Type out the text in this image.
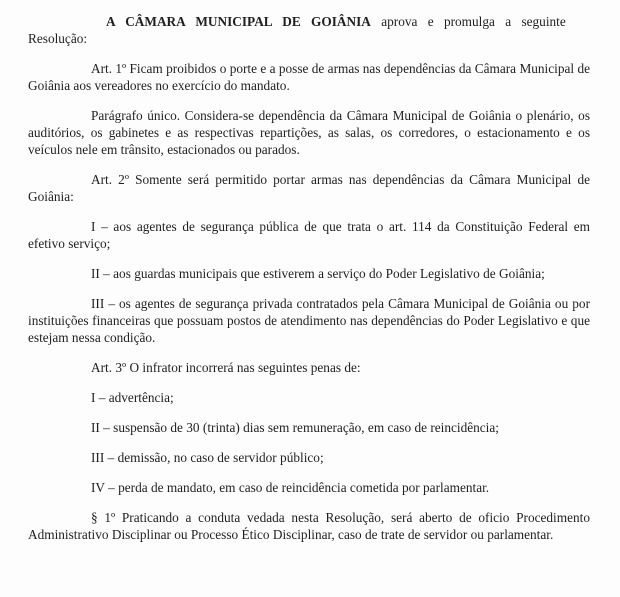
A CÂMARA MUNICIPAL DE GOIÂNIA aprova e promulga a seguinte
Resolução:

Art. 1º Ficam proibidos o porte e a posse de armas nas dependências da Câmara Municipal de Goiânia aos vereadores no exercício do mandato.

Parágrafo único. Considera-se dependência da Câmara Municipal de Goiânia o plenário, os auditórios, os gabinetes e as respectivas repartições, as salas, os corredores, o estacionamento e os veículos nele em trânsito, estacionados ou parados.

Art. 2º Somente será permitido portar armas nas dependências da Câmara Municipal de Goiânia:

I – aos agentes de segurança pública de que trata o art. 114 da Constituição Federal em efetivo serviço;

II – aos guardas municipais que estiverem a serviço do Poder Legislativo de Goiânia;

III – os agentes de segurança privada contratados pela Câmara Municipal de Goiânia ou por instituições financeiras que possuam postos de atendimento nas dependências do Poder Legislativo e que estejam nessa condição.

Art. 3º O infrator incorrerá nas seguintes penas de:

I – advertência;

II – suspensão de 30 (trinta) dias sem remuneração, em caso de reincidência;

III – demissão, no caso de servidor público;

IV – perda de mandato, em caso de reincidência cometida por parlamentar.

§ 1º Praticando a conduta vedada nesta Resolução, será aberto de oficio Procedimento Administrativo Disciplinar ou Processo Ético Disciplinar, caso de trate de servidor ou parlamentar.
